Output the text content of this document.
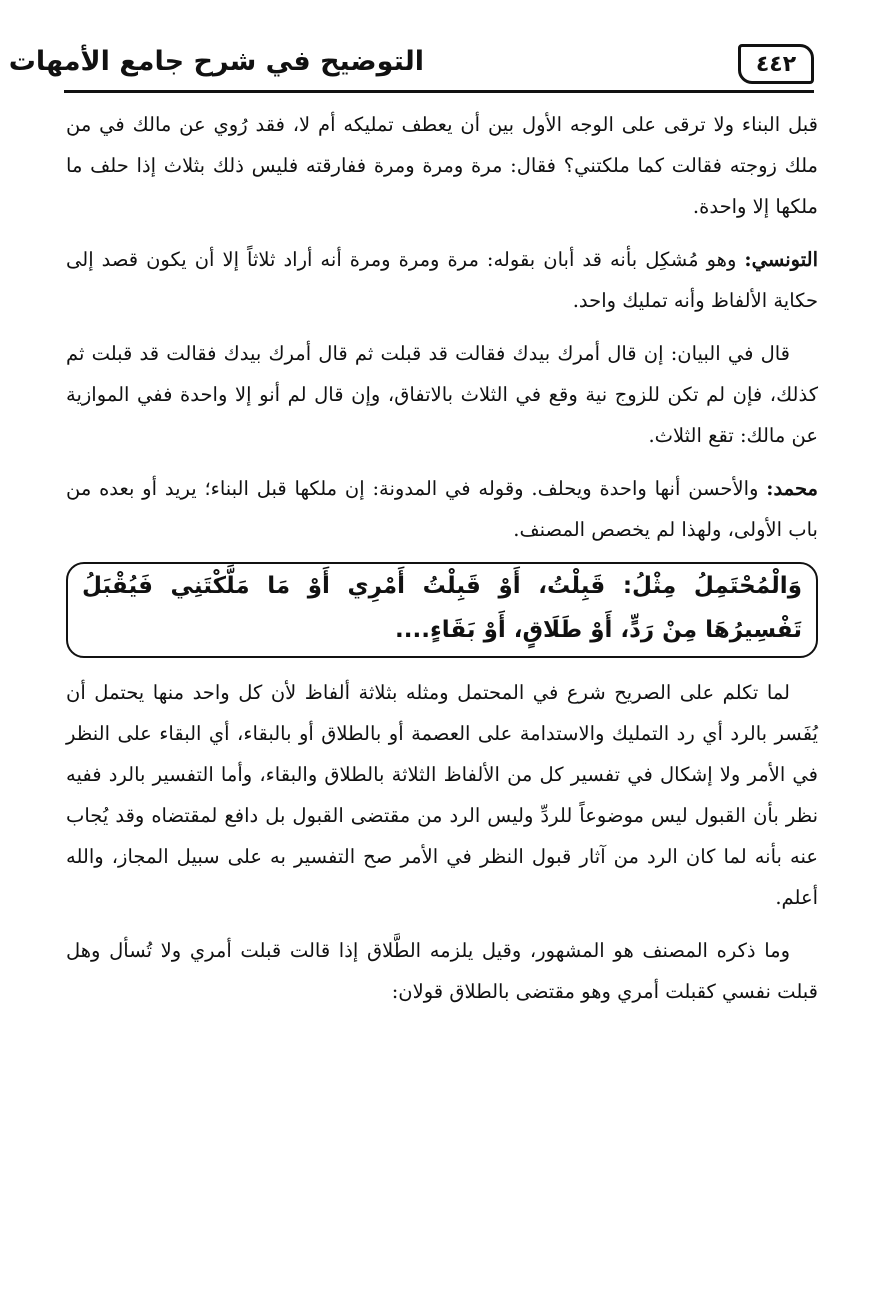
٤٤٢
التوضيح في شرح جامع الأمهات

قبل البناء ولا ترقى على الوجه الأول بين أن يعطف تمليكه أم لا، فقد رُوي عن مالك في من ملك زوجته فقالت كما ملكتني؟ فقال: مرة ومرة ومرة ففارقته فليس ذلك بثلاث إذا حلف ما ملكها إلا واحدة.

التونسي: وهو مُشكِل بأنه قد أبان بقوله: مرة ومرة ومرة أنه أراد ثلاثاً إلا أن يكون قصد إلى حكاية الألفاظ وأنه تمليك واحد.

قال في البيان: إن قال أمرك بيدك فقالت قد قبلت ثم قال أمرك بيدك فقالت قد قبلت ثم كذلك، فإن لم تكن للزوج نية وقع في الثلاث بالاتفاق، وإن قال لم أنو إلا واحدة ففي الموازية عن مالك: تقع الثلاث.

محمد: والأحسن أنها واحدة ويحلف. وقوله في المدونة: إن ملكها قبل البناء؛ يريد أو بعده من باب الأولى، ولهذا لم يخصص المصنف.

وَالْمُحْتَمِلُ مِثْلُ: قَبِلْتُ، أَوْ قَبِلْتُ أَمْرِي أَوْ مَا مَلَّكْتَنِي فَيُقْبَلُ تَفْسِيرُهَا مِنْ رَدٍّ، أَوْ طَلَاقٍ، أَوْ بَقَاءٍ....

لما تكلم على الصريح شرع في المحتمل ومثله بثلاثة ألفاظ لأن كل واحد منها يحتمل أن يُفَسر بالرد أي رد التمليك والاستدامة على العصمة أو بالطلاق أو بالبقاء، أي البقاء على النظر في الأمر ولا إشكال في تفسير كل من الألفاظ الثلاثة بالطلاق والبقاء، وأما التفسير بالرد ففيه نظر بأن القبول ليس موضوعاً للردِّ وليس الرد من مقتضى القبول بل دافع لمقتضاه وقد يُجاب عنه بأنه لما كان الرد من آثار قبول النظر في الأمر صح التفسير به على سبيل المجاز، والله أعلم.

وما ذكره المصنف هو المشهور، وقيل يلزمه الطَّلاق إذا قالت قبلت أمري ولا تُسأل وهل قبلت نفسي كقبلت أمري وهو مقتضى بالطلاق قولان:
